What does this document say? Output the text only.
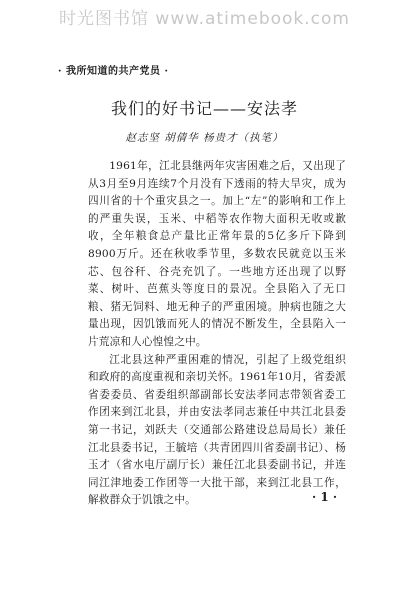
时光图书馆 www.atimebook.com
· 我所知道的共产党员 ·
我们的好书记——安法孝
赵志坚 胡倩华 杨贵才（执笔）

1961年，江北县继两年灾害困难之后，又出现了从3月至9月连续7个月没有下透雨的特大旱灾，成为四川省的十个重灾县之一。加上“左”的影响和工作上的严重失误，玉米、中稻等农作物大面积无收或歉收，全年粮食总产量比正常年景的5亿多斤下降到8900万斤。还在秋收季节里，多数农民就竞以玉米芯、包谷秆、谷壳充饥了。一些地方还出现了以野菜、树叶、芭蕉头等度日的景况。全县陷入了无口粮、猪无饲料、地无种子的严重困境。肿病也随之大量出现，因饥饿而死人的情况不断发生，全县陷入一片荒凉和人心惶惶之中。

江北县这种严重困难的情况，引起了上级党组织和政府的高度重视和亲切关怀。1961年10月，省委派省委委员、省委组织部副部长安法孝同志带领省委工作团来到江北县，并由安法孝同志兼任中共江北县委第一书记，刘跃夫（交通部公路建设总局局长）兼任江北县委书记，王毓培（共青团四川省委副书记）、杨玉才（省水电厅副厅长）兼任江北县委副书记，并连同江津地委工作团等一大批干部，来到江北县工作，解救群众于饥饿之中。	· 1 ·
